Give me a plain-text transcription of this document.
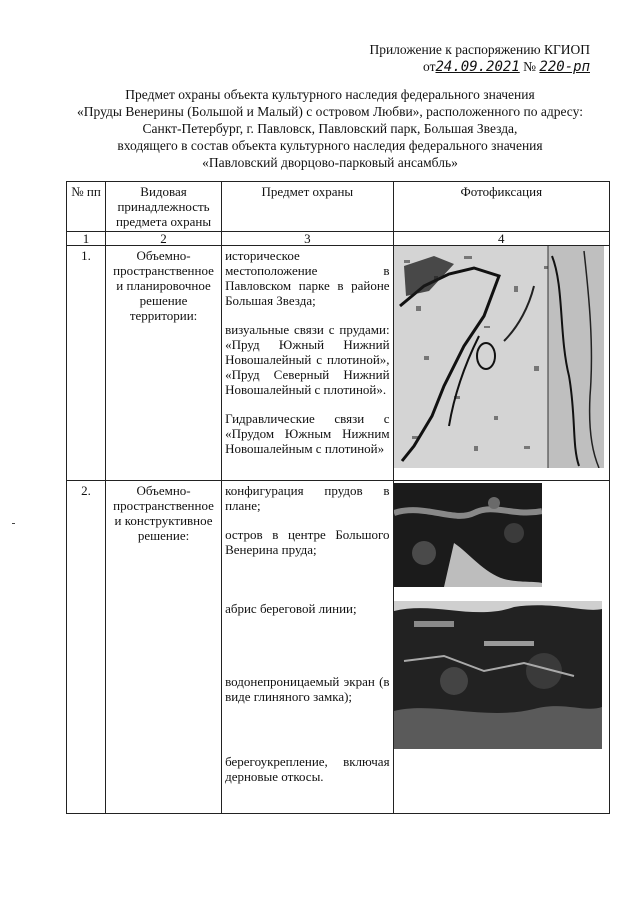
Приложение к распоряжению КГИОП
от24.09.2021 № 220-рп
Предмет охраны объекта культурного наследия федерального значения
«Пруды Венерины (Большой и Малый) с островом Любви», расположенного по адресу:
Санкт-Петербург, г. Павловск, Павловский парк, Большая Звезда,
входящего в состав объекта культурного наследия федерального значения
«Павловский дворцово-парковый ансамбль»
№ пп	Видовая принадлежность предмета охраны	Предмет охраны	Фотофиксация
1	2	3	4
1.	Объемно-пространственное и планировочное решение территории:	историческое местоположение в Павловском парке в районе Большая Звезда;

визуальные связи с прудами: «Пруд Южный Нижний Новошалейный с плотиной», «Пруд Северный Нижний Новошалейный с плотиной».

Гидравлические связи с «Прудом Южным Нижним Новошалейным с плотиной»

2.	Объемно-пространственное и конструктивное решение:	конфигурация прудов в плане;

остров в центре Большого Венерина пруда;

абрис береговой линии;

водонепроницаемый экран (в виде глиняного замка);

берегоукрепление, включая дерновые откосы.
